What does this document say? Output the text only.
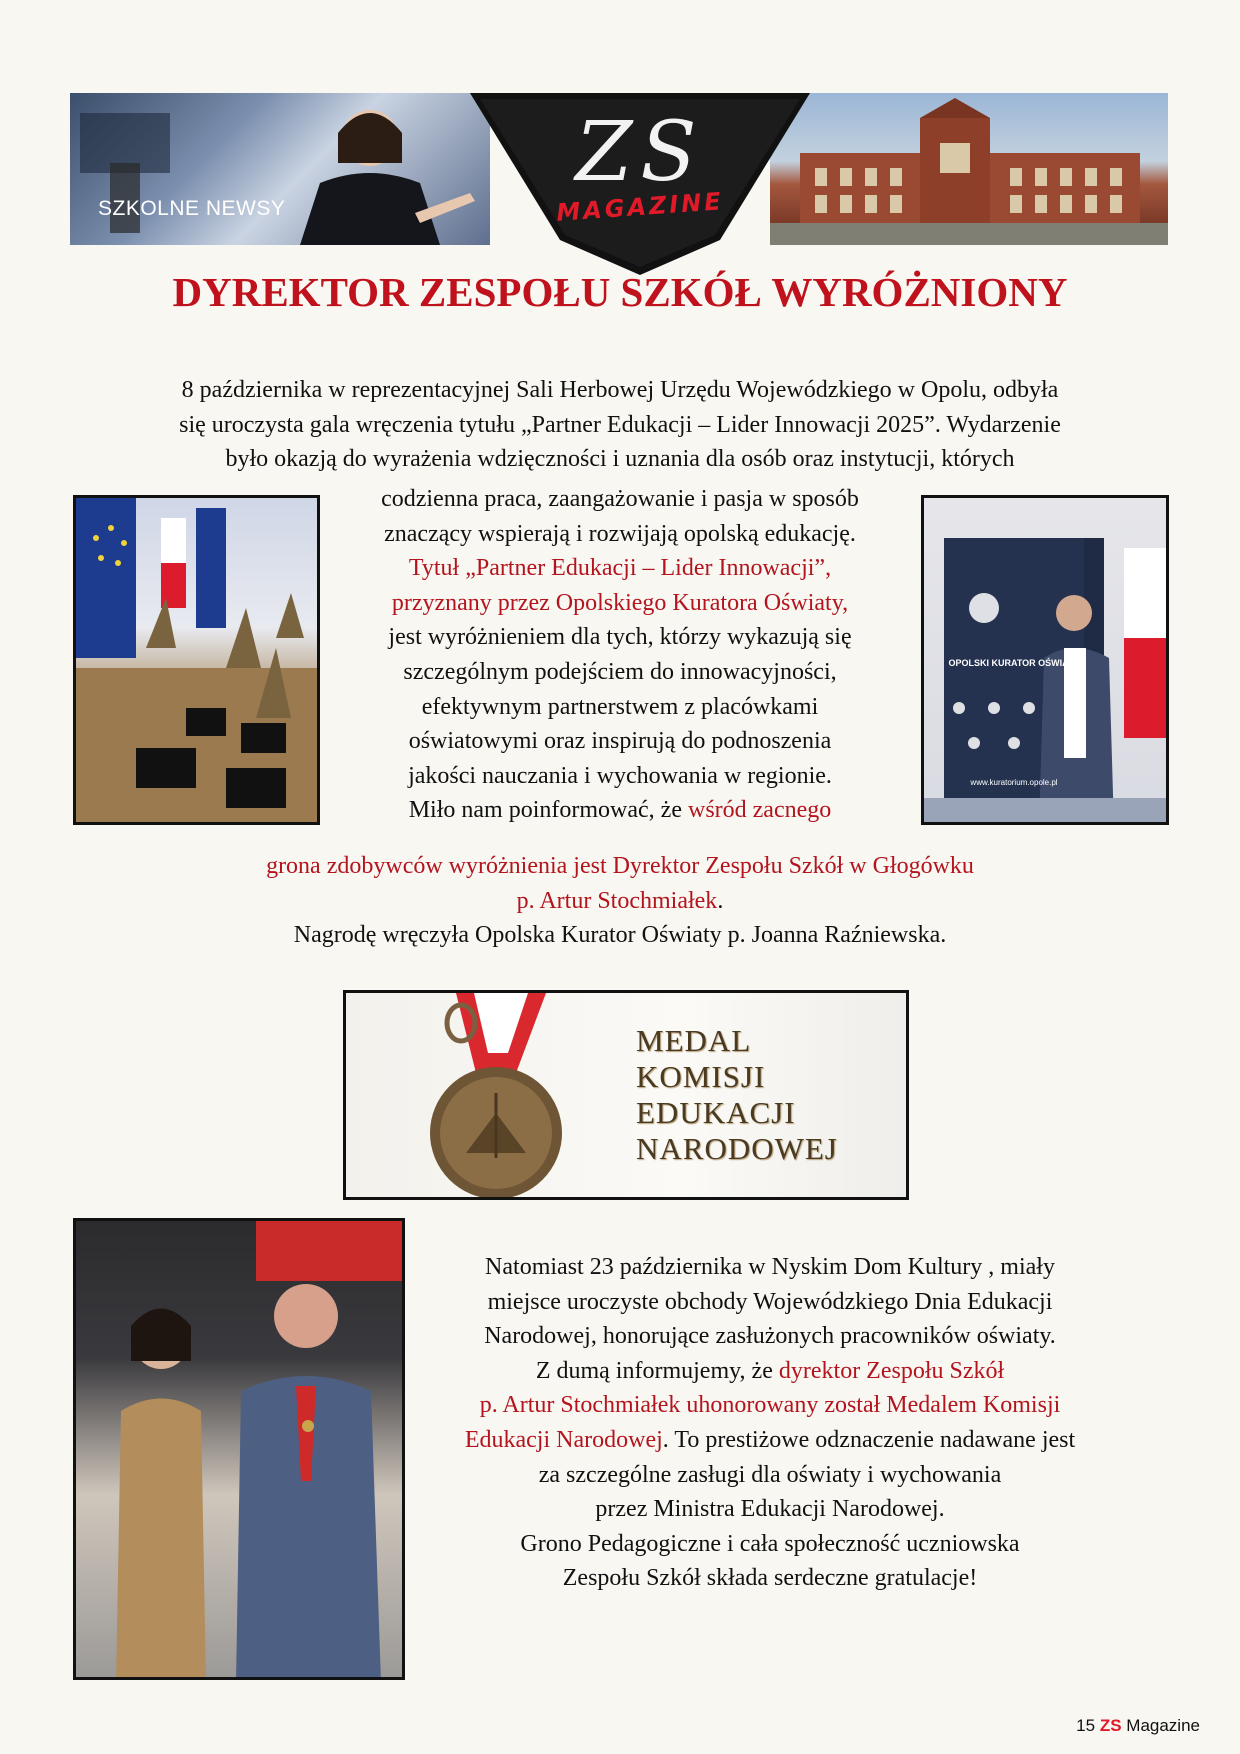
SZKOLNE NEWSY
ZS
MAGAZINE
DYREKTOR ZESPOŁU SZKÓŁ WYRÓŻNIONY
8 października w reprezentacyjnej Sali Herbowej Urzędu Wojewódzkiego w Opolu, odbyła
się uroczysta gala wręczenia tytułu „Partner Edukacji – Lider Innowacji 2025”. Wydarzenie
było okazją do wyrażenia wdzięczności i uznania dla osób oraz instytucji, których
codzienna praca, zaangażowanie i pasja w sposób
znaczący wspierają i rozwijają opolską edukację.
Tytuł „Partner Edukacji – Lider Innowacji”,
przyznany przez Opolskiego Kuratora Oświaty,
jest wyróżnieniem dla tych, którzy wykazują się
szczególnym podejściem do innowacyjności,
efektywnym partnerstwem z placówkami
oświatowymi oraz inspirują do podnoszenia
jakości nauczania i wychowania w regionie.
Miło nam poinformować, że wśród zacnego
OPOLSKI KURATOR OŚWIATY
www.kuratorium.opole.pl
grona zdobywców wyróżnienia jest Dyrektor Zespołu Szkół w Głogówku
p. Artur Stochmiałek.
Nagrodę wręczyła Opolska Kurator Oświaty p. Joanna Raźniewska.
MEDAL
KOMISJI
EDUKACJI
NARODOWEJ
Natomiast 23 października w Nyskim Dom Kultury , miały
miejsce uroczyste obchody Wojewódzkiego Dnia Edukacji
Narodowej, honorujące zasłużonych pracowników oświaty.
Z dumą informujemy, że dyrektor Zespołu Szkół
p. Artur Stochmiałek uhonorowany został Medalem Komisji
Edukacji Narodowej. To prestiżowe odznaczenie nadawane jest
za szczególne zasługi dla oświaty i wychowania
przez Ministra Edukacji Narodowej.
Grono Pedagogiczne i cała społeczność uczniowska
Zespołu Szkół składa serdeczne gratulacje!
15 ZS Magazine
